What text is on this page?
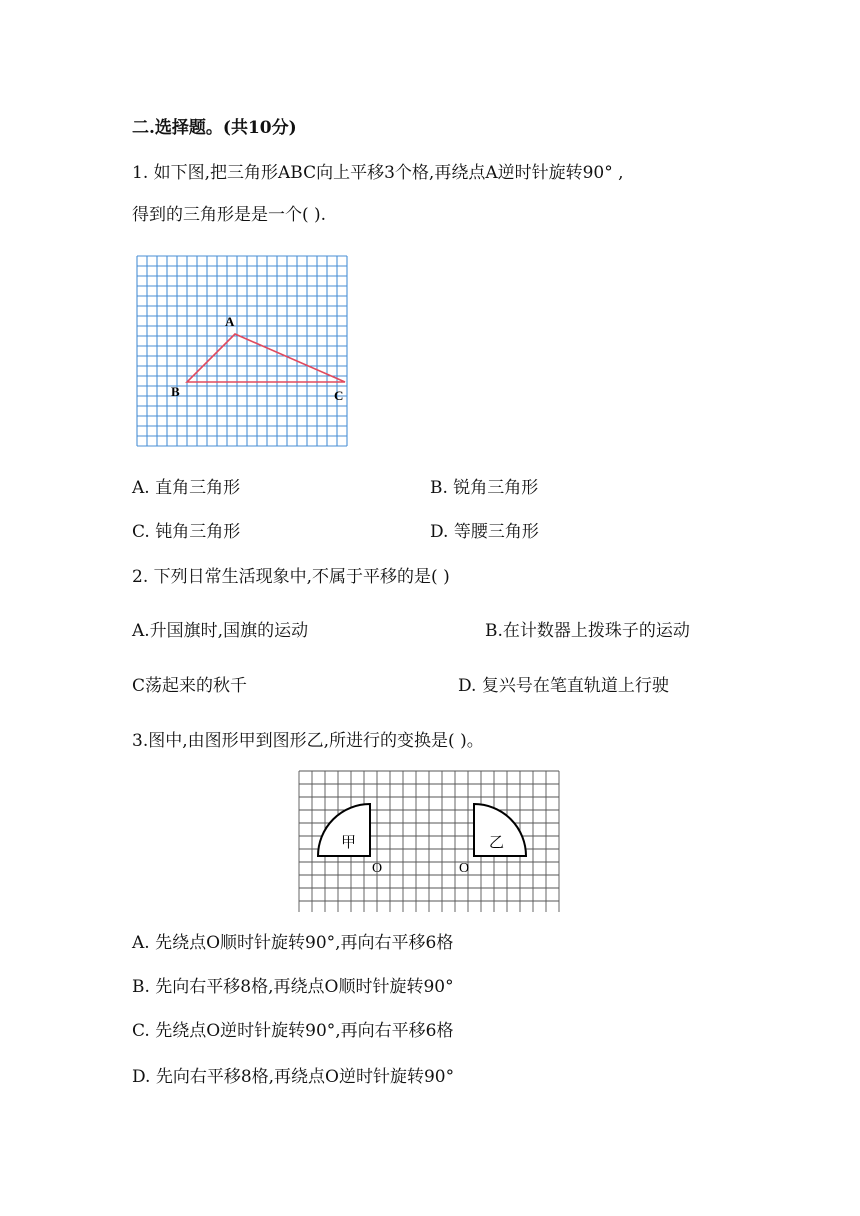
二.选择题。(共10分)
1. 如下图,把三角形ABC向上平移3个格,再绕点A逆时针旋转90° ,
得到的三角形是是一个( ).
A
B	C
A. 直角三角形	B. 锐角三角形
C. 钝角三角形	D. 等腰三角形
2. 下列日常生活现象中,不属于平移的是( )
A.升国旗时,国旗的运动	B.在计数器上拨珠子的运动
C荡起来的秋千	D. 复兴号在笔直轨道上行驶
3.图中,由图形甲到图形乙,所进行的变换是( )。
甲	乙
O	O
A. 先绕点O顺时针旋转90°,再向右平移6格
B. 先向右平移8格,再绕点O顺时针旋转90°
C. 先绕点O逆时针旋转90°,再向右平移6格
D. 先向右平移8格,再绕点O逆时针旋转90°
